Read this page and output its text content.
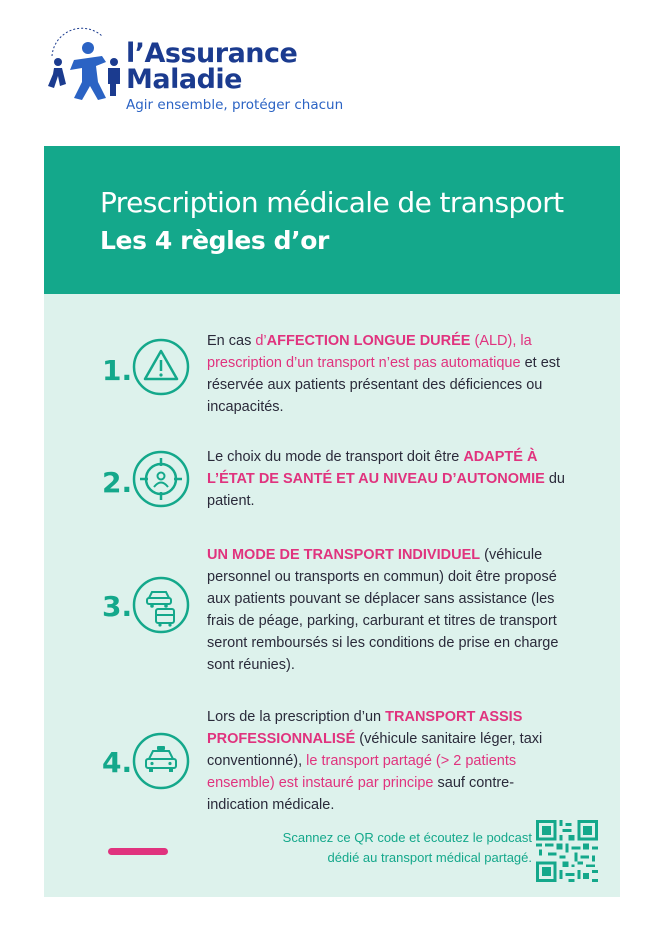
l’Assurance
Maladie
Agir ensemble, protéger chacun
Prescription médicale de transport
Les 4 règles d’or
1.
En cas d’AFFECTION LONGUE DURÉE (ALD), la prescription d’un transport n’est pas automatique et est réservée aux patients présentant des déficiences ou incapacités.
2.
Le choix du mode de transport doit être ADAPTÉ À L’ÉTAT DE SANTÉ ET AU NIVEAU D’AUTONOMIE du patient.
3.
UN MODE DE TRANSPORT INDIVIDUEL (véhicule personnel ou transports en commun) doit être proposé aux patients pouvant se déplacer sans assistance (les frais de péage, parking, carburant et titres de transport seront remboursés si les conditions de prise en charge sont réunies).
4.
Lors de la prescription d’un TRANSPORT ASSIS PROFESSIONNALISÉ (véhicule sanitaire léger, taxi conventionné), le transport partagé (> 2 patients ensemble) est instauré par principe sauf contre-indication médicale.
Scannez ce QR code et écoutez le podcast
dédié au transport médical partagé.
